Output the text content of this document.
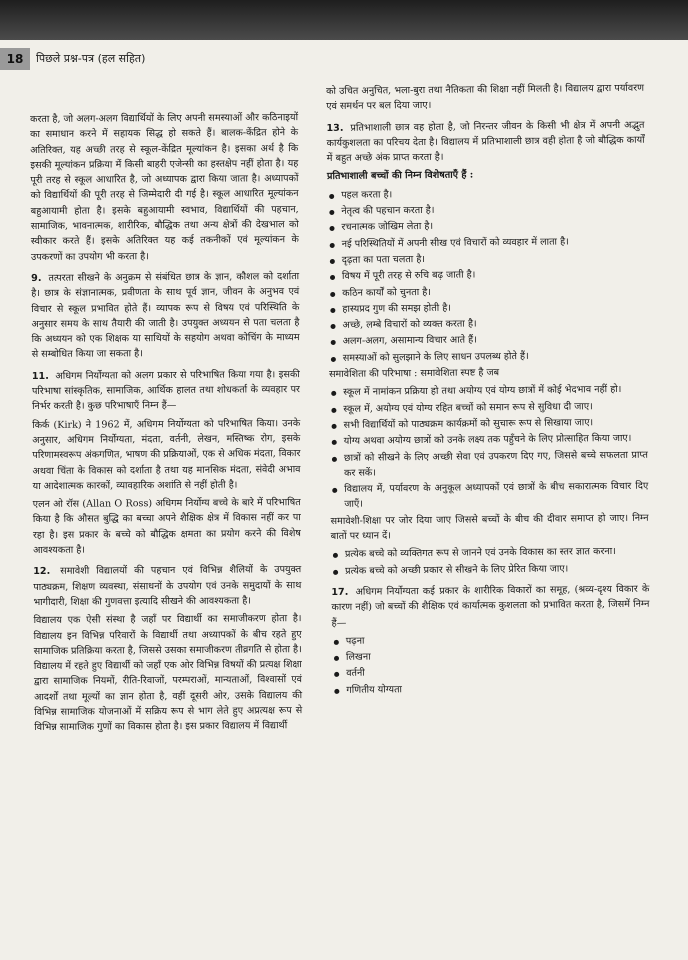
18	पिछले प्रश्न-पत्र (हल सहित)

करता है, जो अलग-अलग विद्यार्थियों के लिए अपनी समस्याओं और कठिनाइयों का समाधान करने में सहायक सिद्ध हो सकते हैं। बालक-केंद्रित होने के अतिरिक्त, यह अच्छी तरह से स्कूल-केंद्रित मूल्यांकन है। इसका अर्थ है कि इसकी मूल्यांकन प्रक्रिया में किसी बाहरी एजेन्सी का हस्तक्षेप नहीं होता है। यह पूरी तरह से स्कूल आधारित है, जो अध्यापक द्वारा किया जाता है। अध्यापकों को विद्यार्थियों की पूरी तरह से जिम्मेदारी दी गई है। स्कूल आधारित मूल्यांकन बहुआयामी होता है। इसके बहुआयामी स्वभाव, विद्यार्थियों की पहचान, सामाजिक, भावनात्मक, शारीरिक, बौद्धिक तथा अन्य क्षेत्रों की देखभाल को स्वीकार करते हैं। इसके अतिरिक्त यह कई तकनीकों एवं मूल्यांकन के उपकरणों का उपयोग भी करता है।

9. तत्परता सीखने के अनुक्रम से संबंधित छात्र के ज्ञान, कौशल को दर्शाता है। छात्र के संज्ञानात्मक, प्रवीणता के साथ पूर्व ज्ञान, जीवन के अनुभव एवं विचार से स्कूल प्रभावित होते हैं। व्यापक रूप से विषय एवं परिस्थिति के अनुसार समय के साथ तैयारी की जाती है। उपयुक्त अध्ययन से पता चलता है कि अध्ययन को एक शिक्षक या साथियों के सहयोग अथवा कोचिंग के माध्यम से सम्बोधित किया जा सकता है।
11. अधिगम निर्योग्यता को अलग प्रकार से परिभाषित किया गया है। इसकी परिभाषा सांस्कृतिक, सामाजिक, आर्थिक हालत तथा शोधकर्ता के व्यवहार पर निर्भर करती है। कुछ परिभाषाएँ निम्न हैं—

किर्क (Kirk) ने 1962 में, अधिगम निर्योग्यता को परिभाषित किया। उनके अनुसार, अधिगम निर्योग्यता, मंदता, वर्तनी, लेखन, मस्तिष्क रोग, इसके परिणामस्वरूप अंकगणित, भाषण की प्रक्रियाओं, एक से अधिक मंदता, विकार अथवा चिंता के विकास को दर्शाता है तथा यह मानसिक मंदता, संवेदी अभाव या आदेशात्मक कारकों, व्यावहारिक अशांति से नहीं होती है।

एलन ओ रॉस (Allan O Ross) अधिगम निर्योग्य बच्चे के बारे में परिभाषित किया है कि औसत बुद्धि का बच्चा अपने शैक्षिक क्षेत्र में विकास नहीं कर पा रहा है। इस प्रकार के बच्चे को बौद्धिक क्षमता का प्रयोग करने की विशेष आवश्यकता है।

12. समावेशी विद्यालयों की पहचान एवं विभिन्न शैलियों के उपयुक्त पाठ्यक्रम, शिक्षण व्यवस्था, संसाधनों के उपयोग एवं उनके समुदायों के साथ भागीदारी, शिक्षा की गुणवत्ता इत्यादि सीखने की आवश्यकता है।

विद्यालय एक ऐसी संस्था है जहाँ पर विद्यार्थी का समाजीकरण होता है। विद्यालय इन विभिन्न परिवारों के विद्यार्थी तथा अध्यापकों के बीच रहते हुए सामाजिक प्रतिक्रिया करता है, जिससे उसका समाजीकरण तीव्रगति से होता है। विद्यालय में रहते हुए विद्यार्थी को जहाँ एक ओर विभिन्न विषयों की प्रत्यक्ष शिक्षा द्वारा सामाजिक नियमों, रीति-रिवाजों, परम्पराओं, मान्यताओं, विश्वासों एवं आदर्शों तथा मूल्यों का ज्ञान होता है, वहीं दूसरी ओर, उसके विद्यालय की विभिन्न सामाजिक योजनाओं में सक्रिय रूप से भाग लेते हुए अप्रत्यक्ष रूप से विभिन्न सामाजिक गुणों का विकास होता है। इस प्रकार विद्यालय में विद्यार्थी

को उचित अनुचित, भला-बुरा तथा नैतिकता की शिक्षा नहीं मिलती है। विद्यालय द्वारा पर्यावरण एवं समर्थन पर बल दिया जाए।

13. प्रतिभाशाली छात्र वह होता है, जो निरन्तर जीवन के किसी भी क्षेत्र में अपनी अद्भुत कार्यकुशलता का परिचय देता है। विद्यालय में प्रतिभाशाली छात्र वही होता है जो बौद्धिक कार्यों में बहुत अच्छे अंक प्राप्त करता है।

प्रतिभाशाली बच्चों की निम्न विशेषताएँ हैं :

पहल करता है।
नेतृत्व की पहचान करता है।
रचनात्मक जोखिम लेता है।
नई परिस्थितियों में अपनी सीख एवं विचारों को व्यवहार में लाता है।
दृढ़ता का पता चलता है।
विषय में पूरी तरह से रुचि बढ़ जाती है।
कठिन कार्यों को चुनता है।
हास्यप्रद गुण की समझ होती है।
अच्छे, लम्बे विचारों को व्यक्त करता है।
अलग-अलग, असामान्य विचार आते हैं।
समस्याओं को सुलझाने के लिए साधन उपलब्ध होते हैं।

समावेशिता की परिभाषा : समावेशिता स्पष्ट है जब

स्कूल में नामांकन प्रक्रिया हो तथा अयोग्य एवं योग्य छात्रों में कोई भेदभाव नहीं हो।
स्कूल में, अयोग्य एवं योग्य रहित बच्चों को समान रूप से सुविधा दी जाए।
सभी विद्यार्थियों को पाठ्यक्रम कार्यक्रमों को सुचारू रूप से सिखाया जाए।
योग्य अथवा अयोग्य छात्रों को उनके लक्ष्य तक पहुँचने के लिए प्रोत्साहित किया जाए।
छात्रों को सीखने के लिए अच्छी सेवा एवं उपकरण दिए गए, जिससे बच्चे सफलता प्राप्त कर सकें।
विद्यालय में, पर्यावरण के अनुकूल अध्यापकों एवं छात्रों के बीच सकारात्मक विचार दिए जाएँ।

समावेशी-शिक्षा पर जोर दिया जाए जिससे बच्चों के बीच की दीवार समाप्त हो जाए। निम्न बातों पर ध्यान दें।

प्रत्येक बच्चे को व्यक्तिगत रूप से जानने एवं उनके विकास का स्तर ज्ञात करना।
प्रत्येक बच्चे को अच्छी प्रकार से सीखने के लिए प्रेरित किया जाए।
17. अधिगम निर्योग्यता कई प्रकार के शारीरिक विकारों का समूह, (श्रव्य-दृश्य विकार के कारण नहीं) जो बच्चों की शैक्षिक एवं कार्यात्मक कुशलता को प्रभावित करता है, जिसमें निम्न हैं—
पढ़ना
लिखना
वर्तनी
गणितीय योग्यता
